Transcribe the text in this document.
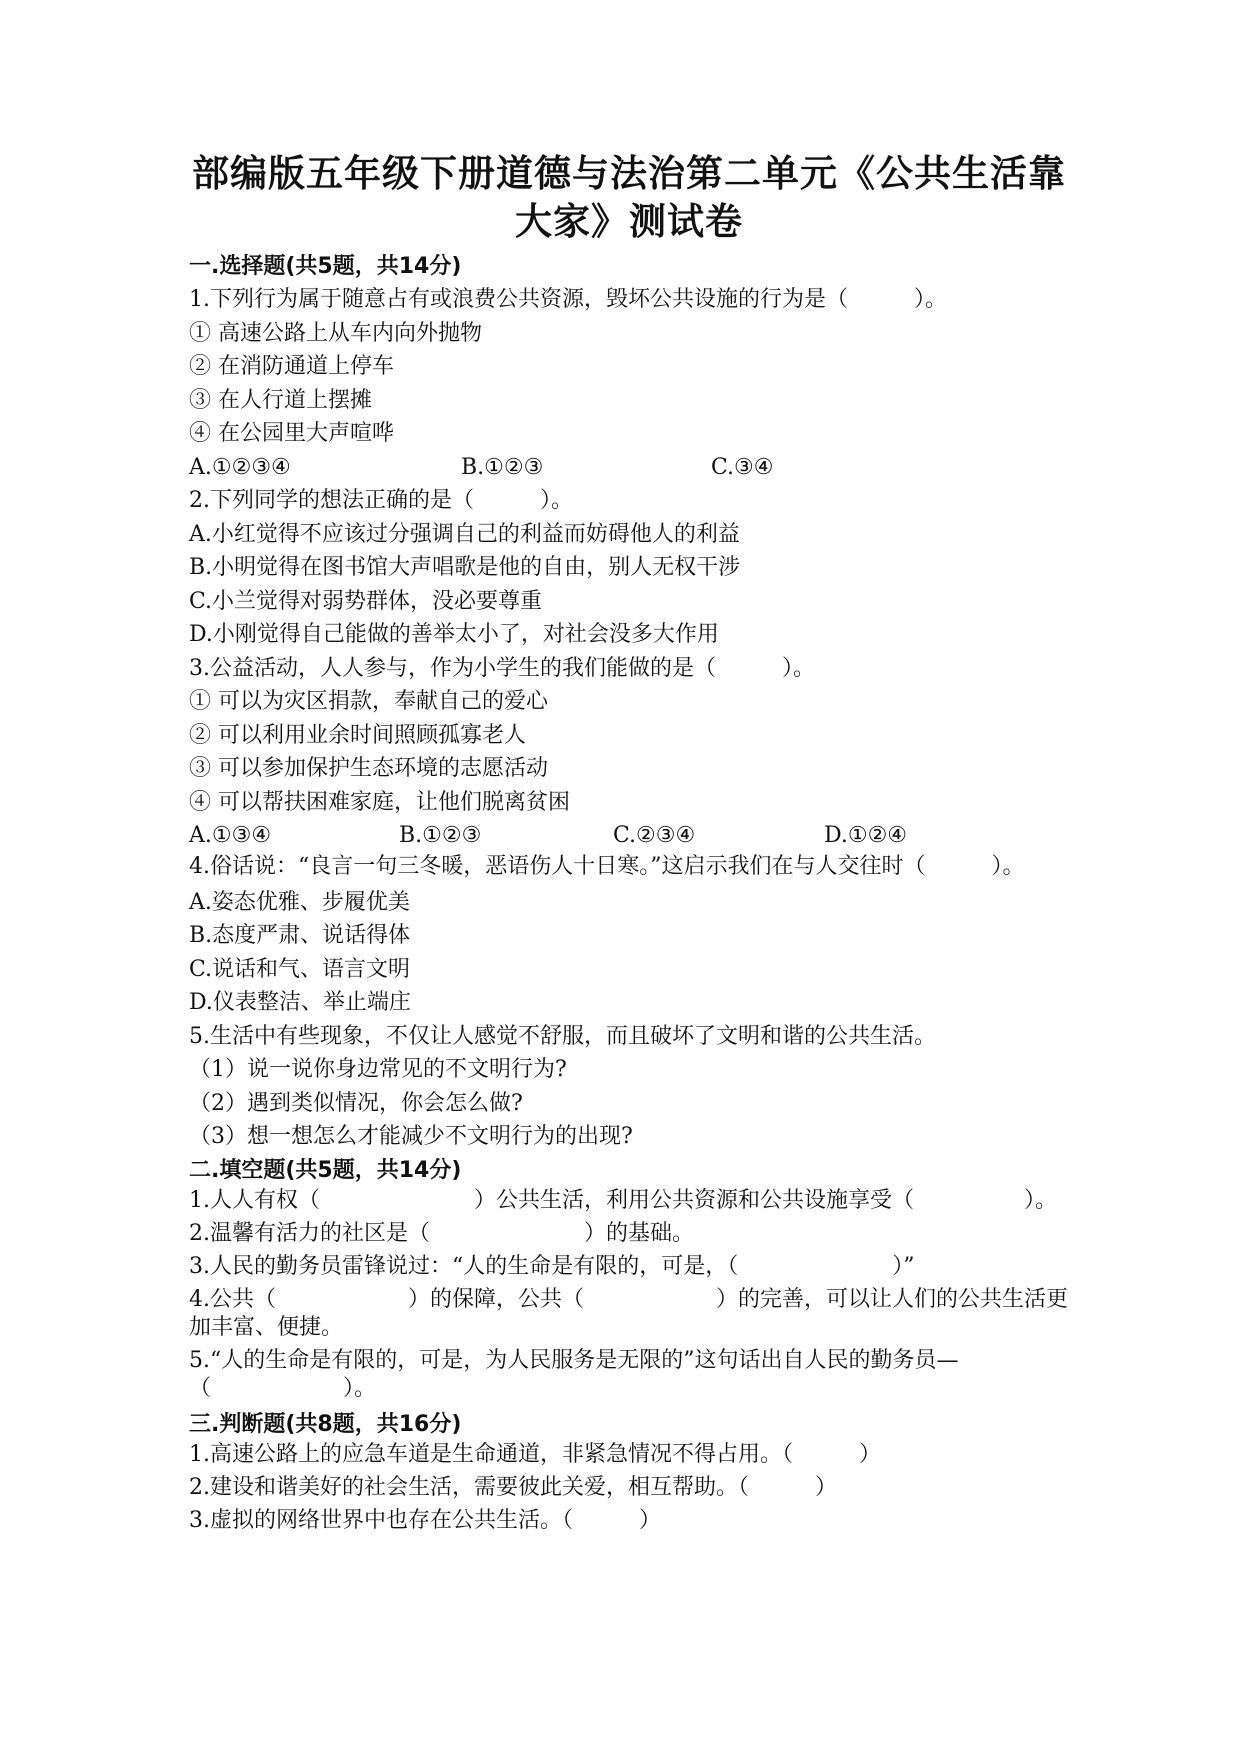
部编版五年级下册道德与法治第二单元《公共生活靠
大家》测试卷
一.选择题(共5题，共14分)
1.下列行为属于随意占有或浪费公共资源，毁坏公共设施的行为是（　　　）。
① 高速公路上从车内向外抛物
② 在消防通道上停车
③ 在人行道上摆摊
④ 在公园里大声喧哗
A.①②③④	B.①②③	C.③④
2.下列同学的想法正确的是（　　　）。
A.小红觉得不应该过分强调自己的利益而妨碍他人的利益
B.小明觉得在图书馆大声唱歌是他的自由，别人无权干涉
C.小兰觉得对弱势群体，没必要尊重
D.小刚觉得自己能做的善举太小了，对社会没多大作用
3.公益活动，人人参与，作为小学生的我们能做的是（　　　）。
① 可以为灾区捐款，奉献自己的爱心
② 可以利用业余时间照顾孤寡老人
③ 可以参加保护生态环境的志愿活动
④ 可以帮扶困难家庭，让他们脱离贫困
A.①③④	B.①②③	C.②③④	D.①②④
4.俗话说：“良言一句三冬暖，恶语伤人十日寒。”这启示我们在与人交往时（　　　）。
A.姿态优雅、步履优美
B.态度严肃、说话得体
C.说话和气、语言文明
D.仪表整洁、举止端庄
5.生活中有些现象，不仅让人感觉不舒服，而且破坏了文明和谐的公共生活。
（1）说一说你身边常见的不文明行为?
（2）遇到类似情况，你会怎么做?
（3）想一想怎么才能减少不文明行为的出现?
二.填空题(共5题，共14分)
1.人人有权（　　　　　　　）公共生活，利用公共资源和公共设施享受（　　　　　）。
2.温馨有活力的社区是（　　　　　　　）的基础。
3.人民的勤务员雷锋说过：“人的生命是有限的，可是，（　　　　　　　）”
4.公共（　　　　　　）的保障，公共（　　　　　　）的完善，可以让人们的公共生活更加丰富、便捷。
5.“人的生命是有限的，可是，为人民服务是无限的”这句话出自人民的勤务员—（　　　　　　）。
三.判断题(共8题，共16分)
1.高速公路上的应急车道是生命通道，非紧急情况不得占用。（　　　）
2.建设和谐美好的社会生活，需要彼此关爱，相互帮助。（　　　）
3.虚拟的网络世界中也存在公共生活。（　　　）
